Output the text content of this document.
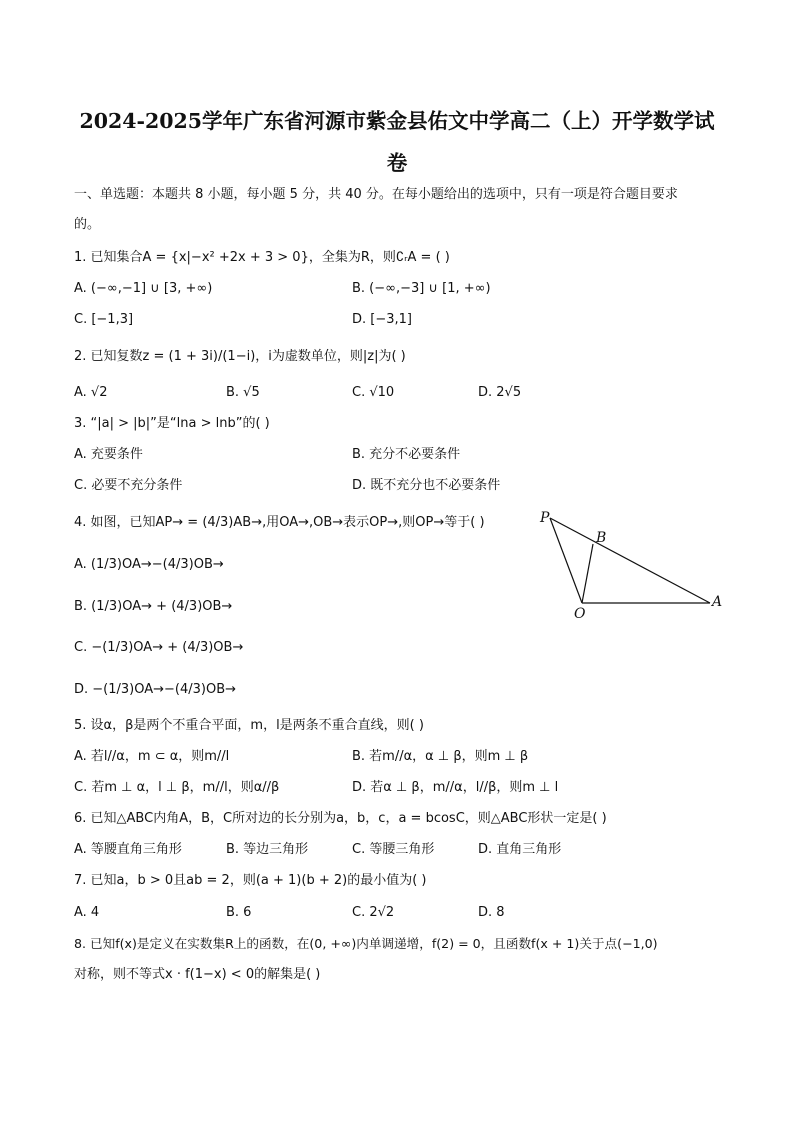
2024-2025学年广东省河源市紫金县佑文中学高二（上）开学数学试
卷
一、单选题：本题共 8 小题，每小题 5 分，共 40 分。在每小题给出的选项中，只有一项是符合题目要求
的。
1. 已知集合A = {x|−x² +2x + 3 > 0}，全集为R，则∁ᵣA = ( )
A. (−∞,−1] ∪ [3, +∞)	B. (−∞,−3] ∪ [1, +∞)
C. [−1,3]	D. [−3,1]
2. 已知复数z = (1 + 3i)/(1−i)，i为虚数单位，则|z|为( )
A. √2	B. √5	C. √10	D. 2√5
3. “|a| > |b|”是“lna > lnb”的( )
A. 充要条件	B. 充分不必要条件
C. 必要不充分条件	D. 既不充分也不必要条件
4. 如图，已知AP→ = (4/3)AB→,用OA→,OB→表示OP→,则OP→等于( )
A. (1/3)OA→−(4/3)OB→
B. (1/3)OA→ + (4/3)OB→
C. −(1/3)OA→ + (4/3)OB→
D. −(1/3)OA→−(4/3)OB→
P
B
O
A
5. 设α，β是两个不重合平面，m，l是两条不重合直线，则( )
A. 若l//α，m ⊂ α，则m//l	B. 若m//α，α ⊥ β，则m ⊥ β
C. 若m ⊥ α，l ⊥ β，m//l，则α//β	D. 若α ⊥ β，m//α，l//β，则m ⊥ l
6. 已知△ABC内角A，B，C所对边的长分别为a，b，c，a = bcosC，则△ABC形状一定是( )
A. 等腰直角三角形	B. 等边三角形	C. 等腰三角形	D. 直角三角形
7. 已知a，b > 0且ab = 2，则(a + 1)(b + 2)的最小值为( )
A. 4	B. 6	C. 2√2	D. 8
8. 已知f(x)是定义在实数集R上的函数，在(0, +∞)内单调递增，f(2) = 0，且函数f(x + 1)关于点(−1,0)
对称，则不等式x · f(1−x) < 0的解集是( )
